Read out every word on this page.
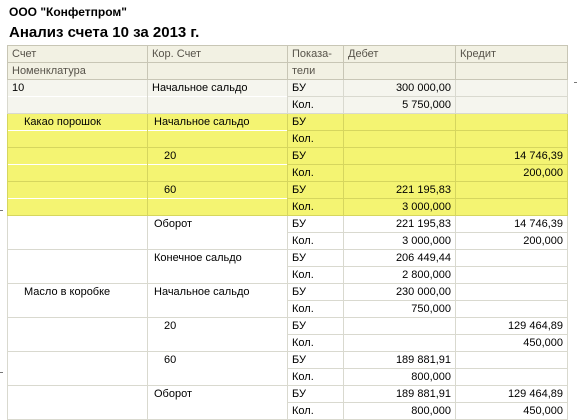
ООО "Конфетпром"
Анализ счета 10 за 2013 г.
Счет	Кор. Счет	Показа-	Дебет	Кредит
Номенклатура		тели		
10	Начальное сальдо	БУ	300 000,00	
		Кол.	5 750,000	
Какао порошок	Начальное сальдо	БУ		
		Кол.		
	20	БУ		14 746,39
		Кол.		200,000
	60	БУ	221 195,83	
		Кол.	3 000,000	
	Оборот	БУ	221 195,83	14 746,39
		Кол.	3 000,000	200,000
	Конечное сальдо	БУ	206 449,44	
		Кол.	2 800,000	
Масло в коробке	Начальное сальдо	БУ	230 000,00	
		Кол.	750,000	
	20	БУ		129 464,89
		Кол.		450,000
	60	БУ	189 881,91	
		Кол.	800,000	
	Оборот	БУ	189 881,91	129 464,89
		Кол.	800,000	450,000
